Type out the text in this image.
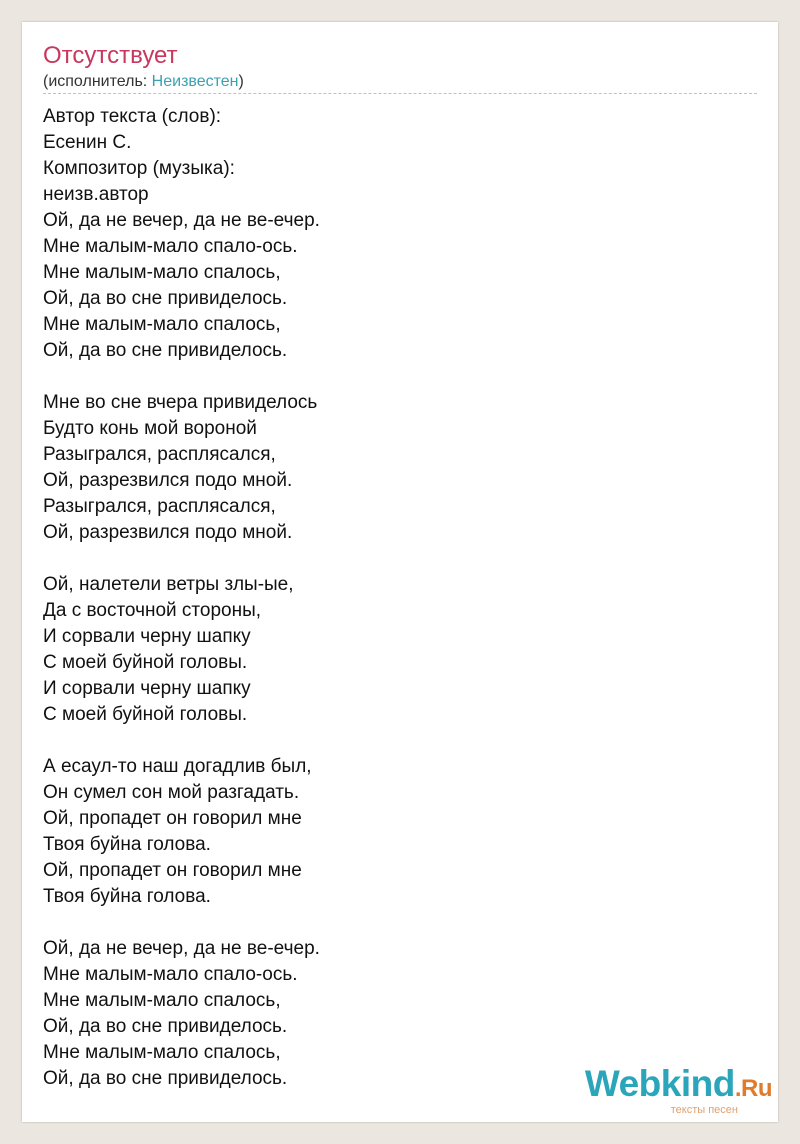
Отсутствует
(исполнитель: Неизвестен)
Автор текста (слов):
Есенин С.
Композитор (музыка):
неизв.автор
Ой, да не вечер, да не ве-ечер.
Мне малым-мало спало-ось.
Мне малым-мало спалось,
Ой, да во сне привиделось.
Мне малым-мало спалось,
Ой, да во сне привиделось.
Мне во сне вчера привиделось
Будто конь мой вороной
Разыгрался, расплясался,
Ой, разрезвился подо мной.
Разыгрался, расплясался,
Ой, разрезвился подо мной.
Ой, налетели ветры злы-ые,
Да с восточной стороны,
И сорвали черну шапку
С моей буйной головы.
И сорвали черну шапку
С моей буйной головы.
А есаул-то наш догадлив был,
Он сумел сон мой разгадать.
Ой, пропадет он говорил мне
Твоя буйна голова.
Ой, пропадет он говорил мне
Твоя буйна голова.
Ой, да не вечер, да не ве-ечер.
Мне малым-мало спало-ось.
Мне малым-мало спалось,
Ой, да во сне привиделось.
Мне малым-мало спалось,
Ой, да во сне привиделось.	Webkind.Ru
тексты песен
